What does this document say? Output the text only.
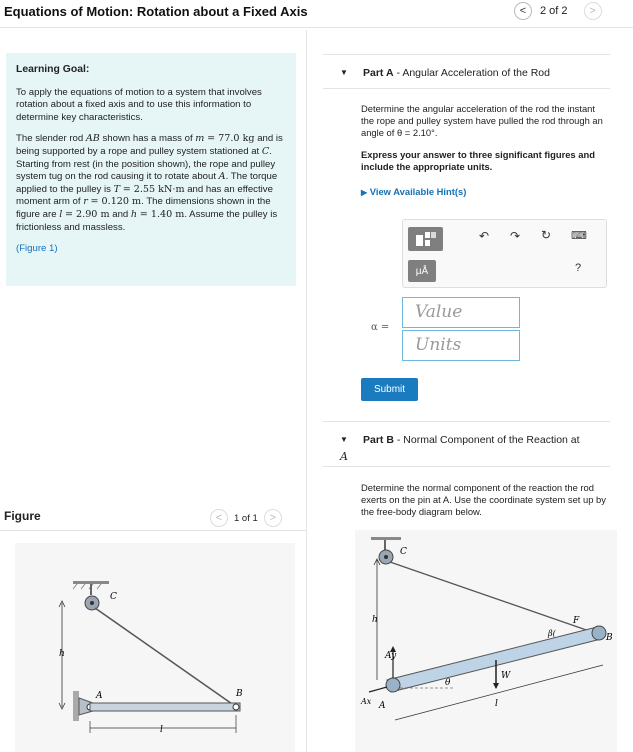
Equations of Motion: Rotation about a Fixed Axis	<	2 of 2	>

Learning Goal:

To apply the equations of motion to a system that involves rotation about a fixed axis and to use this information to determine key characteristics.

The slender rod AB shown has a mass of m = 77.0 kg and is being supported by a rope and pulley system stationed at C. Starting from rest (in the position shown), the rope and pulley system tug on the rod causing it to rotate about A. The torque applied to the pulley is T = 2.55 kN·m and has an effective moment arm of r = 0.120 m. The dimensions shown in the figure are l = 2.90 m and h = 1.40 m. Assume the pulley is frictionless and massless.

(Figure 1)

Figure	<	1 of 1	>
C
A	B
h
l
▼ Part A - Angular Acceleration of the Rod
Determine the angular acceleration of the rod the instant the rope and pulley system have pulled the rod through an angle of θ = 2.10°.
Express your answer to three significant figures and include the appropriate units.
▶ View Available Hint(s)
μÅ
↶ ↷ ↻ ⌨
?
α =
Value
Units
Submit
▼ Part B - Normal Component of the Reaction at
A
Determine the normal component of the reaction the rod exerts on the pin at A. Use the coordinate system set up by the free-body diagram below.
C
h
Ay
Ax A
θ
W
F
β(	B
l
